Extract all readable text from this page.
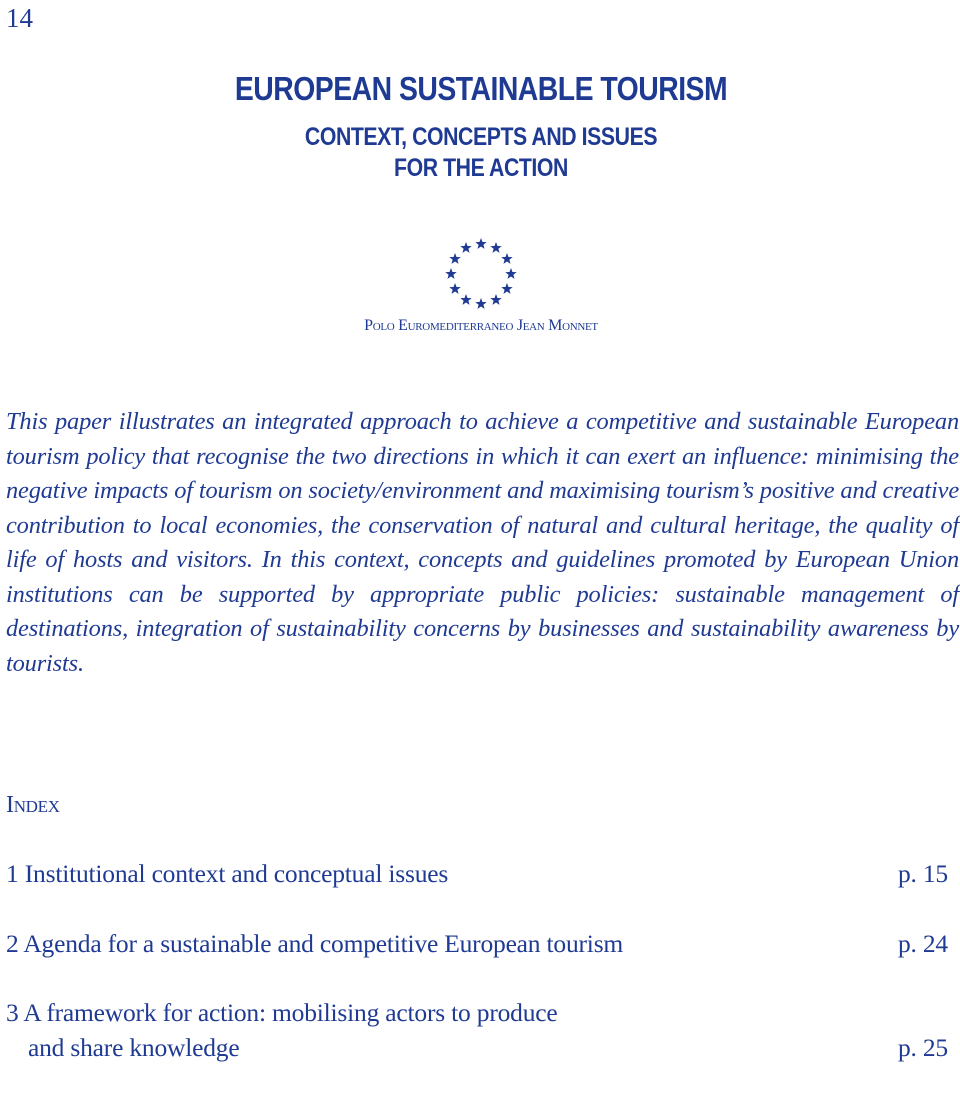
14
EUROPEAN SUSTAINABLE TOURISM
CONTEXT, CONCEPTS AND ISSUES
FOR THE ACTION
Polo Euromediterraneo Jean Monnet

This paper illustrates an integrated approach to achieve a competitive and sustainable European tourism policy that recognise the two directions in which it can exert an influence: minimising the negative impacts of tourism on society/environment and maximising tourism’s positive and creative contribution to local economies, the conservation of natural and cultural heritage, the quality of life of hosts and visitors. In this context, concepts and guidelines promoted by European Union institutions can be supported by appropriate public policies: sustainable management of destinations, integration of sustainability concerns by businesses and sustainability awareness by tourists.

Index
1 Institutional context and conceptual issues	p. 15
2 Agenda for a sustainable and competitive European tourism	p. 24
3 A framework for action: mobilising actors to produce
and share knowledge	p. 25
